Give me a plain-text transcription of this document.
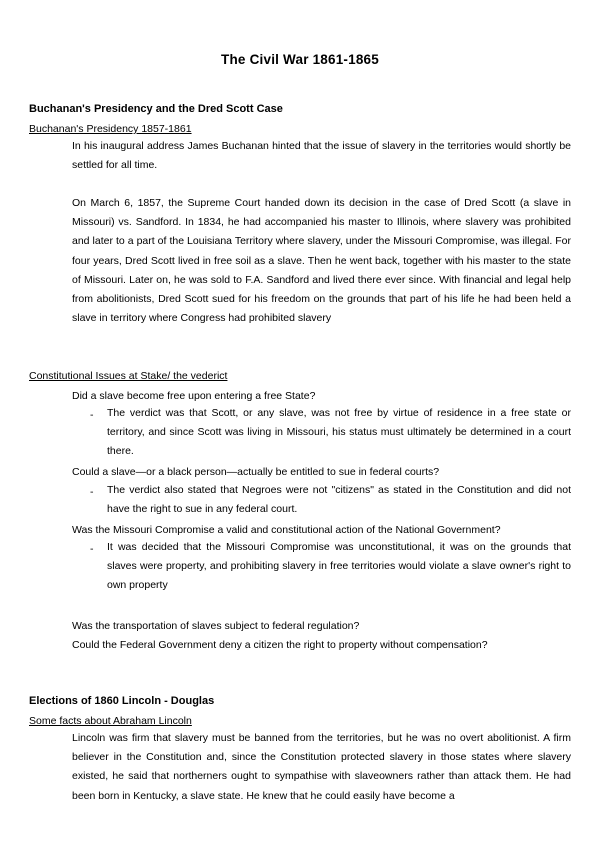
The Civil War 1861-1865
Buchanan's Presidency and the Dred Scott Case
Buchanan's Presidency 1857-1861

In his inaugural address James Buchanan hinted that the issue of slavery in the territories would shortly be settled for all time.

On March 6, 1857, the Supreme Court handed down its decision in the case of Dred Scott (a slave in Missouri) vs. Sandford. In 1834, he had accompanied his master to Illinois, where slavery was prohibited and later to a part of the Louisiana Territory where slavery, under the Missouri Compromise, was illegal. For four years, Dred Scott lived in free soil as a slave. Then he went back, together with his master to the state of Missouri. Later on, he was sold to F.A. Sandford and lived there ever since. With financial and legal help from abolitionists, Dred Scott sued for his freedom on the grounds that part of his life he had been held a slave in territory where Congress had prohibited slavery

Constitutional Issues at Stake/ the vederict
Did a slave become free upon entering a free State?
- The verdict was that Scott, or any slave, was not free by virtue of residence in a free state or territory, and since Scott was living in Missouri, his status must ultimately be determined in a court there.

Could a slave—or a black person—actually be entitled to sue in federal courts?
- The verdict also stated that Negroes were not "citizens" as stated in the Constitution and did not have the right to sue in any federal court.

Was the Missouri Compromise a valid and constitutional action of the National Government?
- It was decided that the Missouri Compromise was unconstitutional, it was on the grounds that slaves were property, and prohibiting slavery in free territories would violate a slave owner's right to own property

Was the transportation of slaves subject to federal regulation?
Could the Federal Government deny a citizen the right to property without compensation?
Elections of 1860 Lincoln - Douglas
Some facts about Abraham Lincoln

Lincoln was firm that slavery must be banned from the territories, but he was no overt abolitionist. A firm believer in the Constitution and, since the Constitution protected slavery in those states where slavery existed, he said that northerners ought to sympathise with slaveowners rather than attack them. He had been born in Kentucky, a slave state. He knew that he could easily have become a
